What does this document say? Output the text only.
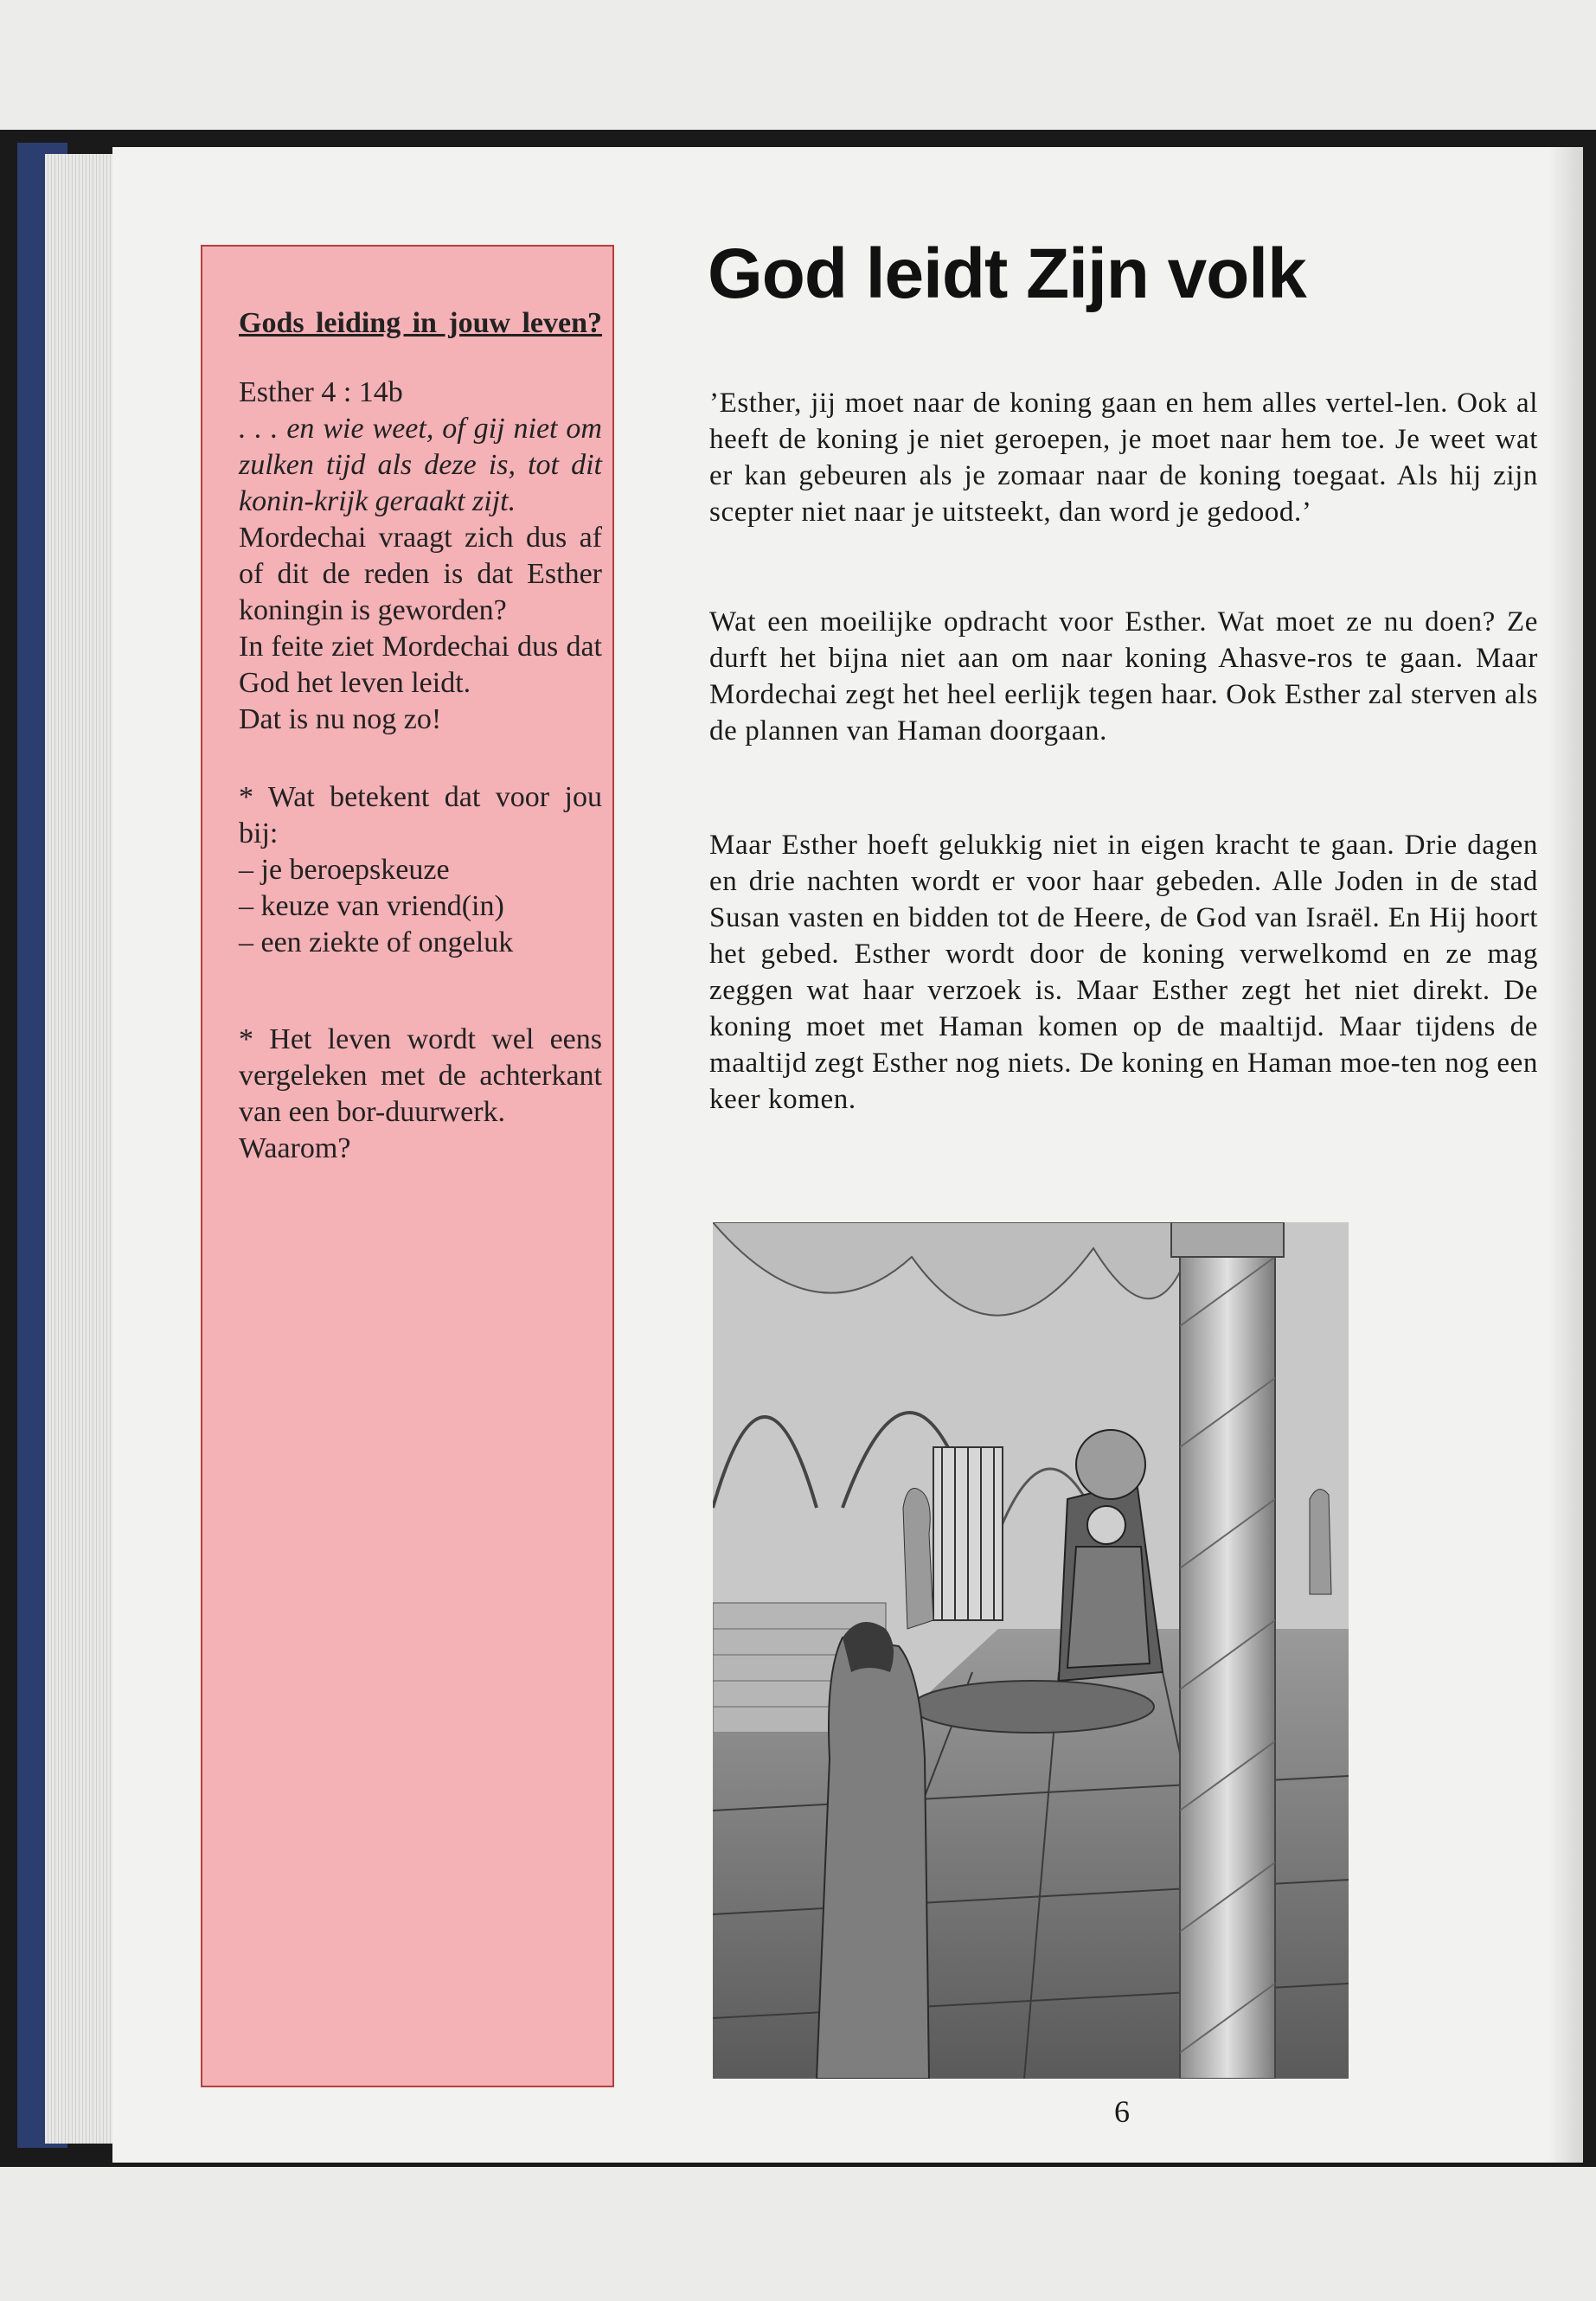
Gods leiding in jouw leven?
Esther 4 : 14b
. . . en wie weet, of gij niet om zulken tijd als deze is, tot dit konin-krijk geraakt zijt.
Mordechai vraagt zich dus af of dit de reden is dat Esther koningin is geworden?
In feite ziet Mordechai dus dat God het leven leidt.
Dat is nu nog zo!
* Wat betekent dat voor jou bij:
– je beroepskeuze
– keuze van vriend(in)
– een ziekte of ongeluk
* Het leven wordt wel eens vergeleken met de achterkant van een bor-duurwerk.
Waarom?
God leidt Zijn volk
’Esther, jij moet naar de koning gaan en hem alles vertel-len. Ook al heeft de koning je niet geroepen, je moet naar hem toe. Je weet wat er kan gebeuren als je zomaar naar de koning toegaat. Als hij zijn scepter niet naar je uitsteekt, dan word je gedood.’
Wat een moeilijke opdracht voor Esther. Wat moet ze nu doen? Ze durft het bijna niet aan om naar koning Ahasve-ros te gaan. Maar Mordechai zegt het heel eerlijk tegen haar. Ook Esther zal sterven als de plannen van Haman doorgaan.
Maar Esther hoeft gelukkig niet in eigen kracht te gaan. Drie dagen en drie nachten wordt er voor haar gebeden. Alle Joden in de stad Susan vasten en bidden tot de Heere, de God van Israël. En Hij hoort het gebed. Esther wordt door de koning verwelkomd en ze mag zeggen wat haar verzoek is. Maar Esther zegt het niet direkt. De koning moet met Haman komen op de maaltijd. Maar tijdens de maaltijd zegt Esther nog niets. De koning en Haman moe-ten nog een keer komen.
6
